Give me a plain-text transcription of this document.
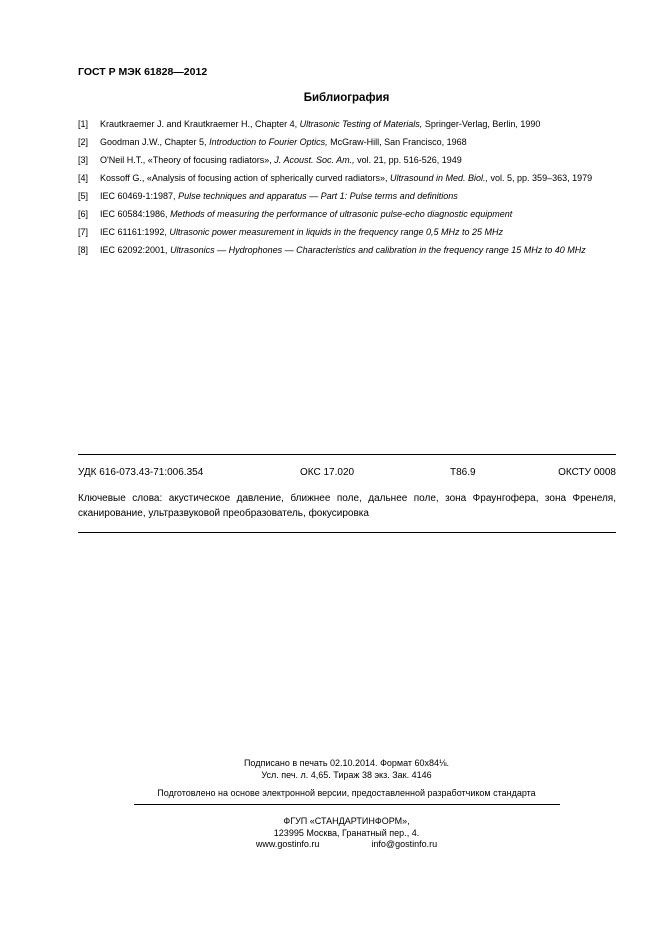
ГОСТ Р МЭК 61828—2012
Библиография
[1]	Krautkraemer J. and Krautkraemer H., Chapter 4, Ultrasonic Testing of Materials, Springer-Verlag, Berlin, 1990
[2]	Goodman J.W., Chapter 5, Introduction to Fourier Optics, McGraw-Hill, San Francisco, 1968
[3]	O'Neil H.T., «Theory of focusing radiators», J. Acoust. Soc. Am., vol. 21, pp. 516-526, 1949
[4]	Kossoff G., «Analysis of focusing action of spherically curved radiators», Ultrasound in Med. Biol., vol. 5, pp. 359–363, 1979
[5]	IEC 60469-1:1987, Pulse techniques and apparatus — Part 1: Pulse terms and definitions
[6]	IEC 60584:1986, Methods of measuring the performance of ultrasonic pulse-echo diagnostic equipment
[7]	IEC 61161:1992, Ultrasonic power measurement in liquids in the frequency range 0,5 MHz to 25 MHz
[8]	IEC 62092:2001, Ultrasonics — Hydrophones — Characteristics and calibration in the frequency range 15 MHz to 40 MHz
УДК 616-073.43-71:006.354	ОКС 17.020	Т86.9	ОКСТУ 0008
Ключевые слова: акустическое давление, ближнее поле, дальнее поле, зона Фраунгофера, зона Френеля, сканирование, ультразвуковой преобразователь, фокусировка
Подписано в печать 02.10.2014. Формат 60x84⅛.
Усл. печ. л. 4,65. Тираж 38 экз. Зак. 4146
Подготовлено на основе электронной версии, предоставленной разработчиком стандарта
ФГУП «СТАНДАРТИНФОРМ»,
123995 Москва, Гранатный пер., 4.
www.gostinfo.ru	info@gostinfo.ru
